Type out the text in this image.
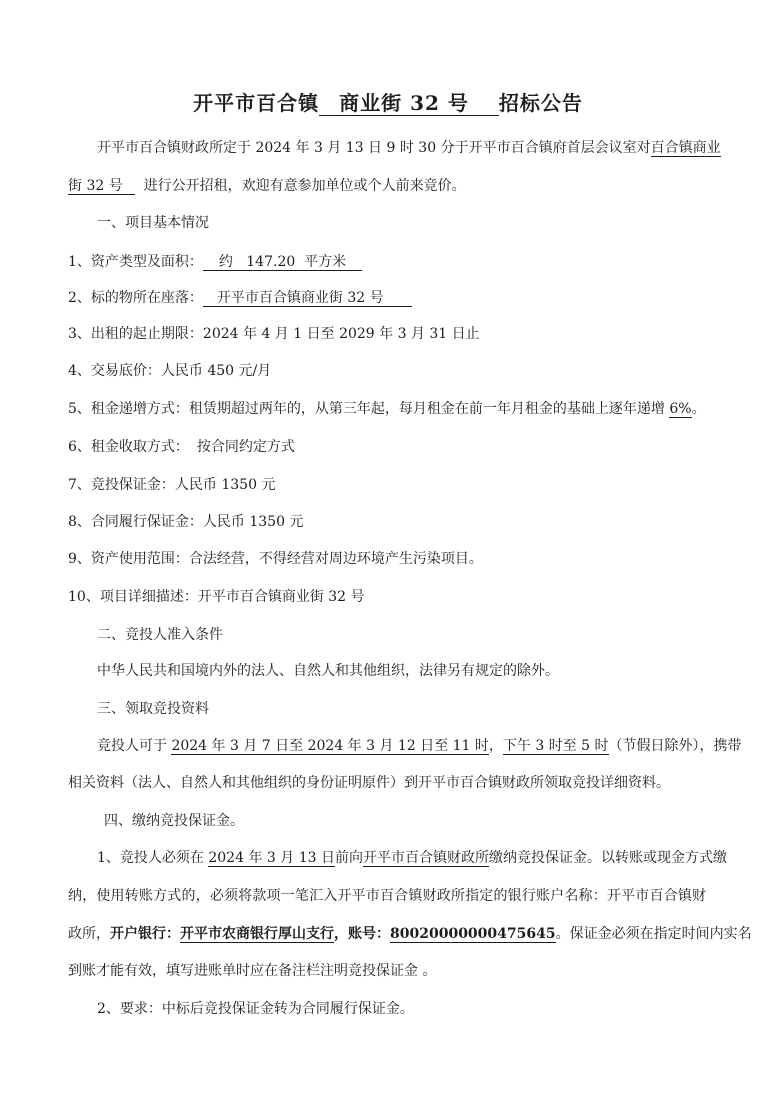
开平市百合镇 商业街 32 号 招标公告
开平市百合镇财政所定于 2024 年 3 月 13 日 9 时 30 分于开平市百合镇府首层会议室对百合镇商业
街 32 号  进行公开招租，欢迎有意参加单位或个人前来竞价。
一、项目基本情况
1、资产类型及面积： 约   147.20  平方米
2、标的物所在座落： 开平市百合镇商业街 32 号
3、出租的起止期限：2024 年 4 月 1 日至 2029 年 3 月 31 日止
4、交易底价：人民币 450 元/月
5、租金递增方式：租赁期超过两年的，从第三年起，每月租金在前一年月租金的基础上逐年递增 6%。
6、租金收取方式： 按合同约定方式
7、竞投保证金：人民币 1350 元
8、合同履行保证金：人民币 1350 元
9、资产使用范围：合法经营，不得经营对周边环境产生污染项目。
10、项目详细描述：开平市百合镇商业街 32 号
二、竞投人准入条件
中华人民共和国境内外的法人、自然人和其他组织，法律另有规定的除外。
三、领取竞投资料
竞投人可于 2024 年 3 月 7 日至 2024 年 3 月 12 日至 11 时，下午 3 时至 5 时（节假日除外），携带
相关资料（法人、自然人和其他组织的身份证明原件）到开平市百合镇财政所领取竞投详细资料。
四、缴纳竞投保证金。
1、竞投人必须在 2024 年 3 月 13 日前向开平市百合镇财政所缴纳竞投保证金。以转账或现金方式缴
纳，使用转账方式的，必须将款项一笔汇入开平市百合镇财政所指定的银行账户名称：开平市百合镇财
政所，开户银行：开平市农商银行厚山支行，账号：80020000000475645。保证金必须在指定时间内实名
到账才能有效，填写进账单时应在备注栏注明竞投保证金 。
2、要求：中标后竞投保证金转为合同履行保证金。
